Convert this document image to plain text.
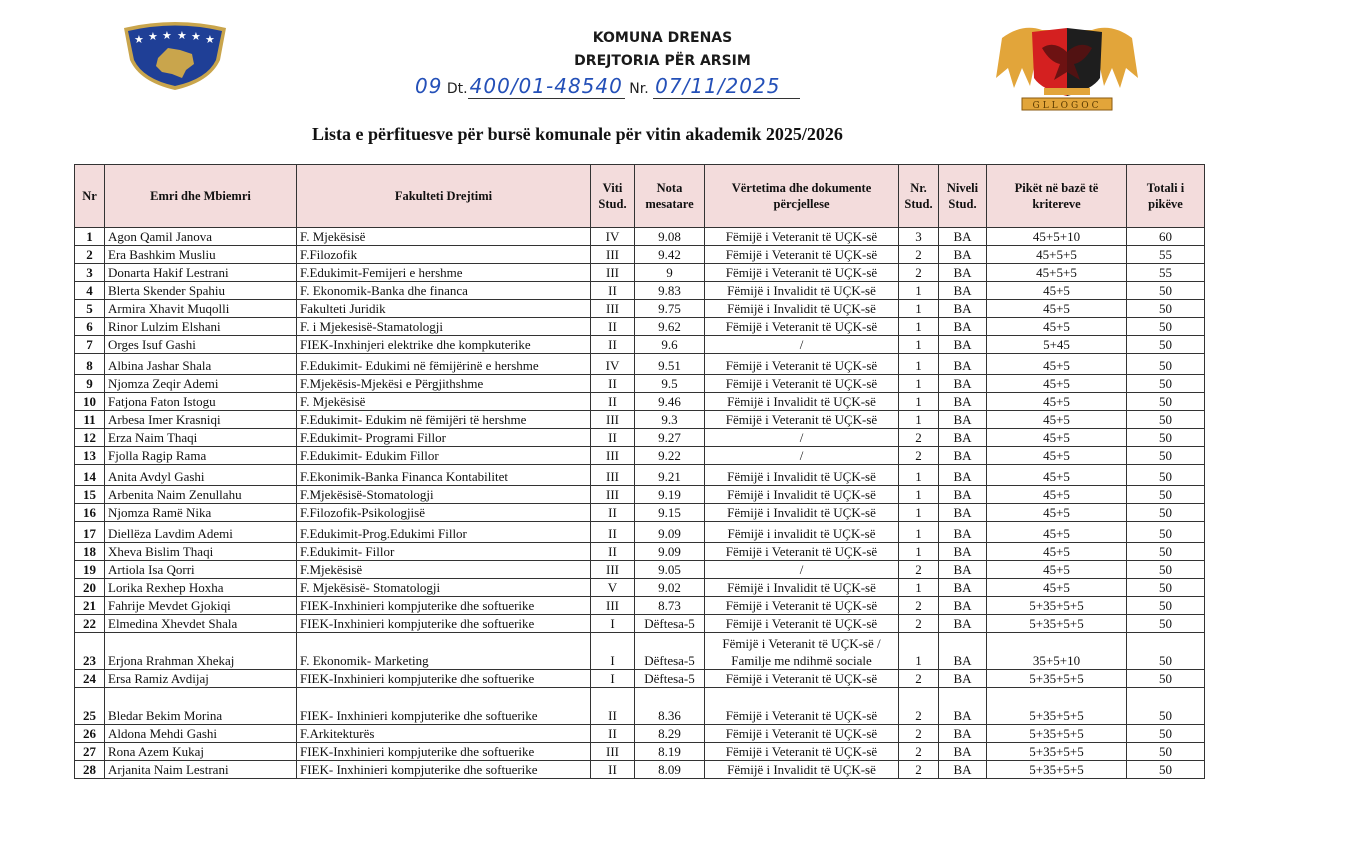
★ ★ ★ ★ ★ ★	KOMUNA DRENAS
DREJTORIA PËR ARSIM
09 Dt. 400/01-48540 Nr. 07/11/2025
GLLOGOC
Lista e përfituesve për bursë komunale për vitin akademik 2025/2026
Nr	Emri dhe Mbiemri	Fakulteti Drejtimi	Viti Stud.	Nota mesatare	Vërtetima dhe dokumente përcjellese	Nr. Stud.	Niveli Stud.	Pikët në bazë të kritereve	Totali i pikëve
1	Agon Qamil Janova	F. Mjekësisë	IV	9.08	Fëmijë i Veteranit të UÇK-së	3	BA	45+5+10	60
2	Era Bashkim Musliu	F.Filozofik	III	9.42	Fëmijë i Veteranit të UÇK-së	2	BA	45+5+5	55
3	Donarta Hakif Lestrani	F.Edukimit-Femijeri e hershme	III	9	Fëmijë i Veteranit të UÇK-së	2	BA	45+5+5	55
4	Blerta Skender Spahiu	F. Ekonomik-Banka dhe financa	II	9.83	Fëmijë i Invalidit të UÇK-së	1	BA	45+5	50
5	Armira Xhavit Muqolli	Fakulteti Juridik	III	9.75	Fëmijë i Invalidit të UÇK-së	1	BA	45+5	50
6	Rinor Lulzim Elshani	F. i Mjekesisë-Stamatologji	II	9.62	Fëmijë i Veteranit të UÇK-së	1	BA	45+5	50
7	Orges Isuf Gashi	FIEK-Inxhinjeri elektrike dhe kompkuterike	II	9.6	/	1	BA	5+45	50
8	Albina Jashar Shala	F.Edukimit- Edukimi në fëmijërinë e hershme	IV	9.51	Fëmijë i Veteranit të UÇK-së	1	BA	45+5	50
9	Njomza Zeqir Ademi	F.Mjekësis-Mjekësi e Përgjithshme	II	9.5	Fëmijë i Veteranit të UÇK-së	1	BA	45+5	50
10	Fatjona Faton Istogu	F. Mjekësisë	II	9.46	Fëmijë i Invalidit të UÇK-së	1	BA	45+5	50
11	Arbesa Imer Krasniqi	F.Edukimit- Edukim në fëmijëri të hershme	III	9.3	Fëmijë i Veteranit të UÇK-së	1	BA	45+5	50
12	Erza Naim Thaqi	F.Edukimit- Programi Fillor	II	9.27	/	2	BA	45+5	50
13	Fjolla Ragip Rama	F.Edukimit- Edukim Fillor	III	9.22	/	2	BA	45+5	50
14	Anita Avdyl Gashi	F.Ekonimik-Banka Financa Kontabilitet	III	9.21	Fëmijë i Invalidit të UÇK-së	1	BA	45+5	50
15	Arbenita Naim Zenullahu	F.Mjekësisë-Stomatologji	III	9.19	Fëmijë i Invalidit të UÇK-së	1	BA	45+5	50
16	Njomza Ramë Nika	F.Filozofik-Psikologjisë	II	9.15	Fëmijë i Invalidit të UÇK-së	1	BA	45+5	50
17	Diellëza Lavdim Ademi	F.Edukimit-Prog.Edukimi Fillor	II	9.09	Fëmijë i invalidit të UÇK-së	1	BA	45+5	50
18	Xheva Bislim Thaqi	F.Edukimit- Fillor	II	9.09	Fëmijë i Veteranit të UÇK-së	1	BA	45+5	50
19	Artiola Isa Qorri	F.Mjekësisë	III	9.05	/	2	BA	45+5	50
20	Lorika Rexhep Hoxha	F. Mjekësisë- Stomatologji	V	9.02	Fëmijë i Invalidit të UÇK-së	1	BA	45+5	50
21	Fahrije Mevdet Gjokiqi	FIEK-Inxhinieri kompjuterike dhe softuerike	III	8.73	Fëmijë i Veteranit të UÇK-së	2	BA	5+35+5+5	50
22	Elmedina Xhevdet Shala	FIEK-Inxhinieri kompjuterike dhe softuerike	I	Dëftesa-5	Fëmijë i Veteranit të UÇK-së	2	BA	5+35+5+5	50
23	Erjona Rrahman Xhekaj	F. Ekonomik- Marketing	I	Dëftesa-5	Fëmijë i Veteranit të UÇK-së / Familje me ndihmë sociale	1	BA	35+5+10	50
24	Ersa Ramiz Avdijaj	FIEK-Inxhinieri kompjuterike dhe softuerike	I	Dëftesa-5	Fëmijë i Veteranit të UÇK-së	2	BA	5+35+5+5	50
25	Bledar Bekim Morina	FIEK- Inxhinieri kompjuterike dhe softuerike	II	8.36	Fëmijë i Veteranit të UÇK-së	2	BA	5+35+5+5	50
26	Aldona Mehdi Gashi	F.Arkitekturës	II	8.29	Fëmijë i Veteranit të UÇK-së	2	BA	5+35+5+5	50
27	Rona Azem Kukaj	FIEK-Inxhinieri kompjuterike dhe softuerike	III	8.19	Fëmijë i Veteranit të UÇK-së	2	BA	5+35+5+5	50
28	Arjanita Naim Lestrani	FIEK- Inxhinieri kompjuterike dhe softuerike	II	8.09	Fëmijë i Invalidit të UÇK-së	2	BA	5+35+5+5	50
